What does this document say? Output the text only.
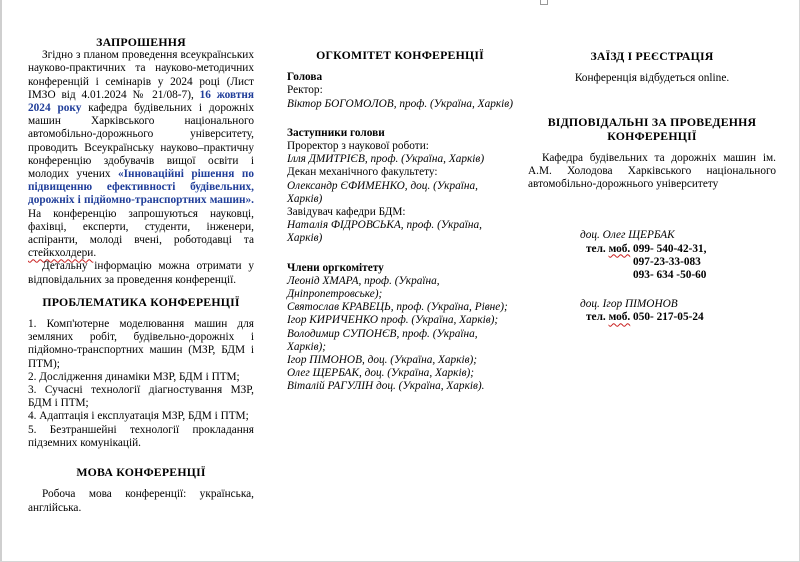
ЗАПРОШЕННЯ

Згідно з планом проведення всеукраїнських науково-практичних та науково-методичних конференцій і семінарів у 2024 році (Лист ІМЗО від 4.01.2024 № 21/08-7), 16 жовтня 2024 року кафедра будівельних і дорожніх машин Харківського національного автомобільно-дорожнього університету, проводить Всеукраїнську науково–практичну конференцію здобувачів вищої освіти і молодих учених «Інноваційні рішення по підвищенню ефективності будівельних, дорожніх і підйомно-транспортних машин». На конференцію запрошуються науковці, фахівці, експерти, студенти, інженери, аспіранти, молоді вчені, роботодавці та стейкхолдери.

Детальну інформацію можна отримати у відповідальних за проведення конференції.

ПРОБЛЕМАТИКА КОНФЕРЕНЦІЇ

1. Комп'ютерне моделювання машин для земляних робіт, будівельно-дорожніх і підйомно-транспортних машин (МЗР, БДМ і ПТМ);

2. Дослідження динаміки МЗР, БДМ і ПТМ;

3. Сучасні технології діагностування МЗР, БДМ і ПТМ;

4. Адаптація і експлуатація МЗР, БДМ і ПТМ;

5. Безтраншейні технології прокладання підземних комунікацій.

МОВА КОНФЕРЕНЦІЇ

Робоча мова конференції: українська, англійська.

ОГКОМІТЕТ КОНФЕРЕНЦІЇ

Голова

Ректор:

Віктор БОГОМОЛОВ, проф. (Україна, Харків)

Заступники голови

Проректор з наукової роботи:

Ілля ДМИТРІЄВ, проф. (Україна, Харків)

Декан механічного факультету:

Олександр ЄФИМЕНКО, доц. (Україна, Харків)

Завідувач кафедри БДМ:

Наталія ФІДРОВСЬКА, проф. (Україна, Харків)

Члени оргкомітету

Леонід ХМАРА, проф. (Україна, Дніпропетровське);

Святослав КРАВЕЦЬ, проф. (Україна, Рівне);

Ігор КИРИЧЕНКО проф. (Україна, Харків);

Володимир СУПОНЄВ, проф. (Україна, Харків);

Ігор ПІМОНОВ, доц. (Україна, Харків);

Олег ЩЕРБАК, доц. (Україна, Харків);

Віталій РАГУЛІН доц. (Україна, Харків).

ЗАЇЗД І РЕЄСТРАЦІЯ

Конференція відбудеться online.

ВІДПОВІДАЛЬНІ ЗА ПРОВЕДЕННЯ КОНФЕРЕНЦІЇ

Кафедра будівельних та дорожніх машин ім. А.М. Холодова Харківського національного автомобільно-дорожнього університету

доц. Олег ЩЕРБАК

тел. моб. 099- 540-42-31,

097-23-33-083

093- 634 -50-60

доц. Ігор ПІМОНОВ

тел. моб. 050- 217-05-24
